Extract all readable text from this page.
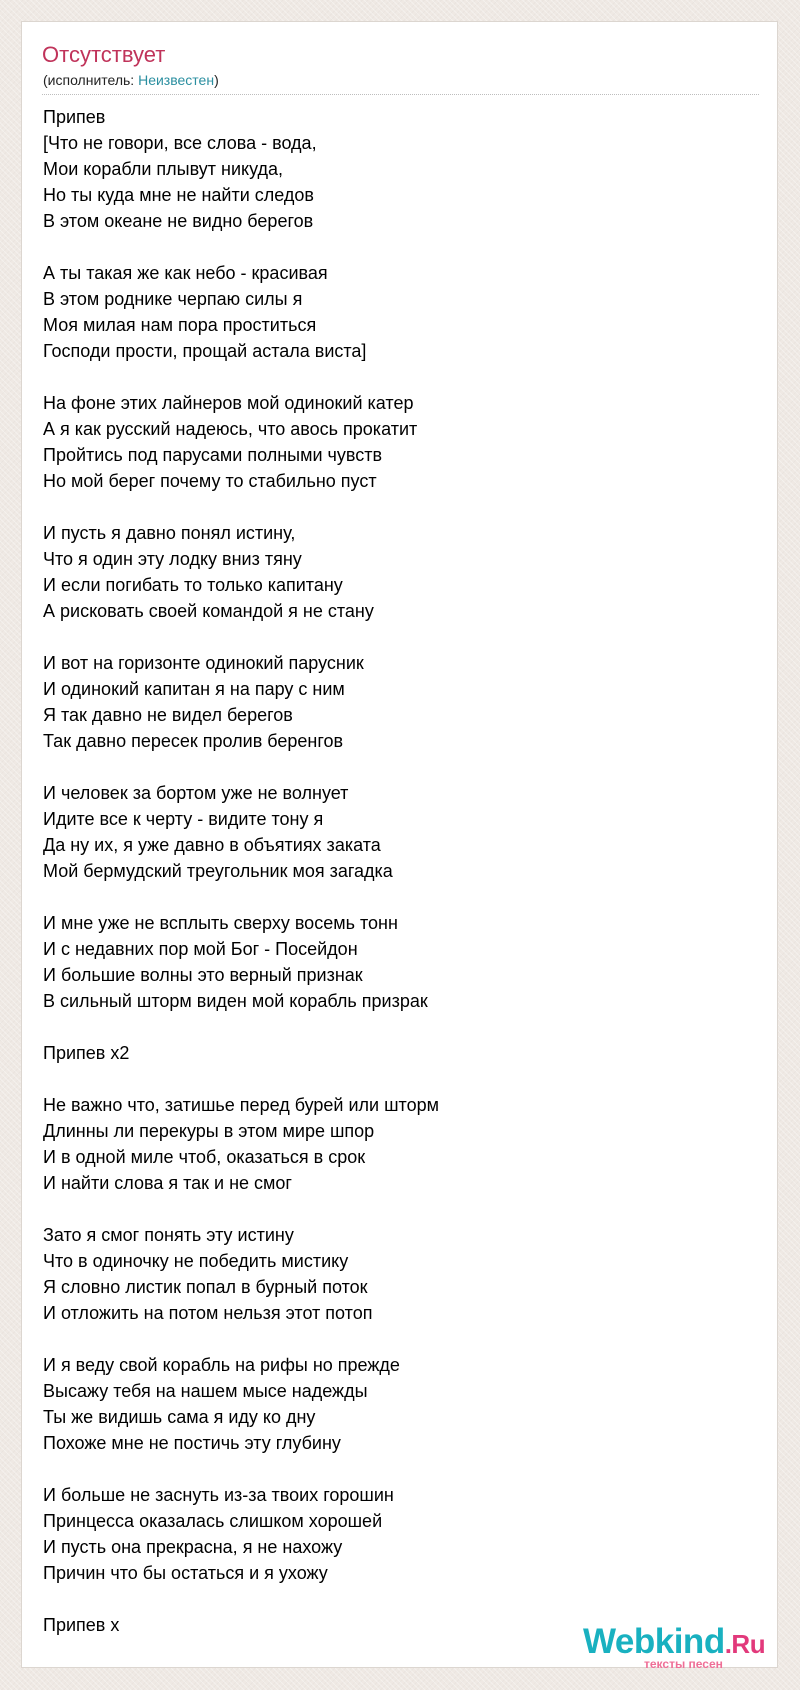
Отсутствует
(исполнитель: Неизвестен)
Припев
[Что не говори, все слова - вода,
Мои корабли плывут никуда,
Но ты куда мне не найти следов
В этом океане не видно берегов
А ты такая же как небо - красивая
В этом роднике черпаю силы я
Моя милая нам пора проститься
Господи прости, прощай астала виста]
На фоне этих лайнеров мой одинокий катер
А я как русский надеюсь, что авось прокатит
Пройтись под парусами полными чувств
Но мой берег почему то стабильно пуст
И пусть я давно понял истину,
Что я один эту лодку вниз тяну
И если погибать то только капитану
А рисковать своей командой я не стану
И вот на горизонте одинокий парусник
И одинокий капитан я на пару с ним
Я так давно не видел берегов
Так давно пересек пролив беренгов
И человек за бортом уже не волнует
Идите все к черту - видите тону я
Да ну их, я уже давно в объятиях заката
Мой бермудский треугольник моя загадка
И мне уже не всплыть сверху восемь тонн
И с недавних пор мой Бог - Посейдон
И большие волны это верный признак
В сильный шторм виден мой корабль призрак
Припев х2
Не важно что, затишье перед бурей или шторм
Длинны ли перекуры в этом мире шпор
И в одной миле чтоб, оказаться в срок
И найти слова я так и не смог
Зато я смог понять эту истину
Что в одиночку не победить мистику
Я словно листик попал в бурный поток
И отложить на потом нельзя этот потоп
И я веду свой корабль на рифы но прежде
Высажу тебя на нашем мысе надежды
Ты же видишь сама я иду ко дну
Похоже мне не постичь эту глубину
И больше не заснуть из-за твоих горошин
Принцесса оказалась слишком хорошей
И пусть она прекрасна, я не нахожу
Причин что бы остаться и я ухожу
Припев х	Webkind.Ru
тексты песен
